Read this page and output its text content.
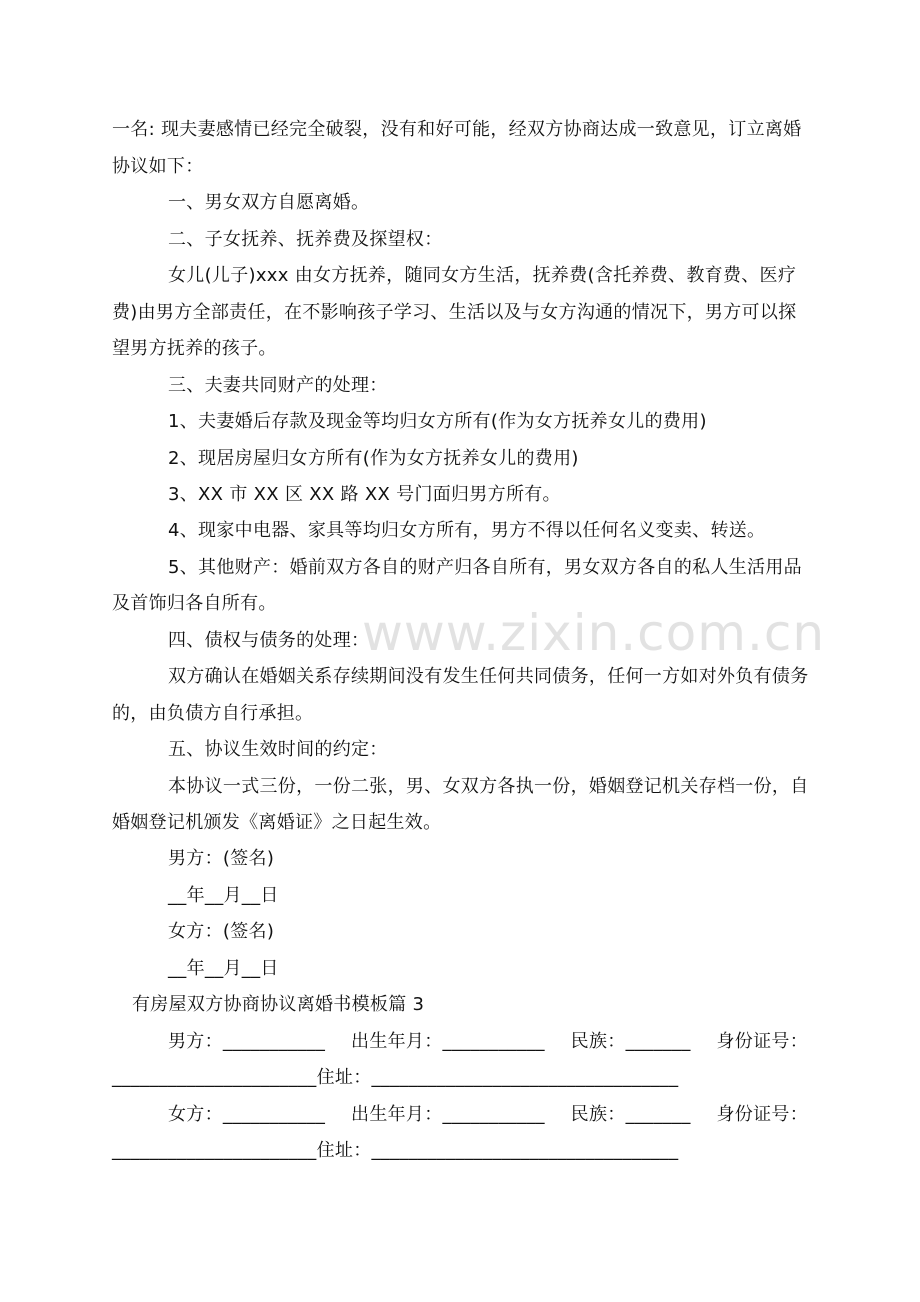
www.zixin.com.cn
一名: 现夫妻感情已经完全破裂，没有和好可能，经双方协商达成一致意见，订立离婚
协议如下：
一、男女双方自愿离婚。
二、子女抚养、抚养费及探望权：
女儿(儿子)xxx 由女方抚养，随同女方生活，抚养费(含托养费、教育费、医疗
费)由男方全部责任，在不影响孩子学习、生活以及与女方沟通的情况下，男方可以探
望男方抚养的孩子。
三、夫妻共同财产的处理：
1、夫妻婚后存款及现金等均归女方所有(作为女方抚养女儿的费用)
2、现居房屋归女方所有(作为女方抚养女儿的费用)
3、XX 市 XX 区 XX 路 XX 号门面归男方所有。
4、现家中电器、家具等均归女方所有，男方不得以任何名义变卖、转送。
5、其他财产：婚前双方各自的财产归各自所有，男女双方各自的私人生活用品
及首饰归各自所有。
四、债权与债务的处理：
双方确认在婚姻关系存续期间没有发生任何共同债务，任何一方如对外负有债务
的，由负债方自行承担。
五、协议生效时间的约定：
本协议一式三份，一份二张，男、女双方各执一份，婚姻登记机关存档一份，自
婚姻登记机颁发《离婚证》之日起生效。
男方：(签名)
__年__月__日
女方：(签名)
__年__月__日
有房屋双方协商协议离婚书模板篇 3
男方：___________ 出生年月：___________ 民族：_______ 身份证号：
______________________住址：_________________________________
女方：___________ 出生年月：___________ 民族：_______ 身份证号：
______________________住址：_________________________________
